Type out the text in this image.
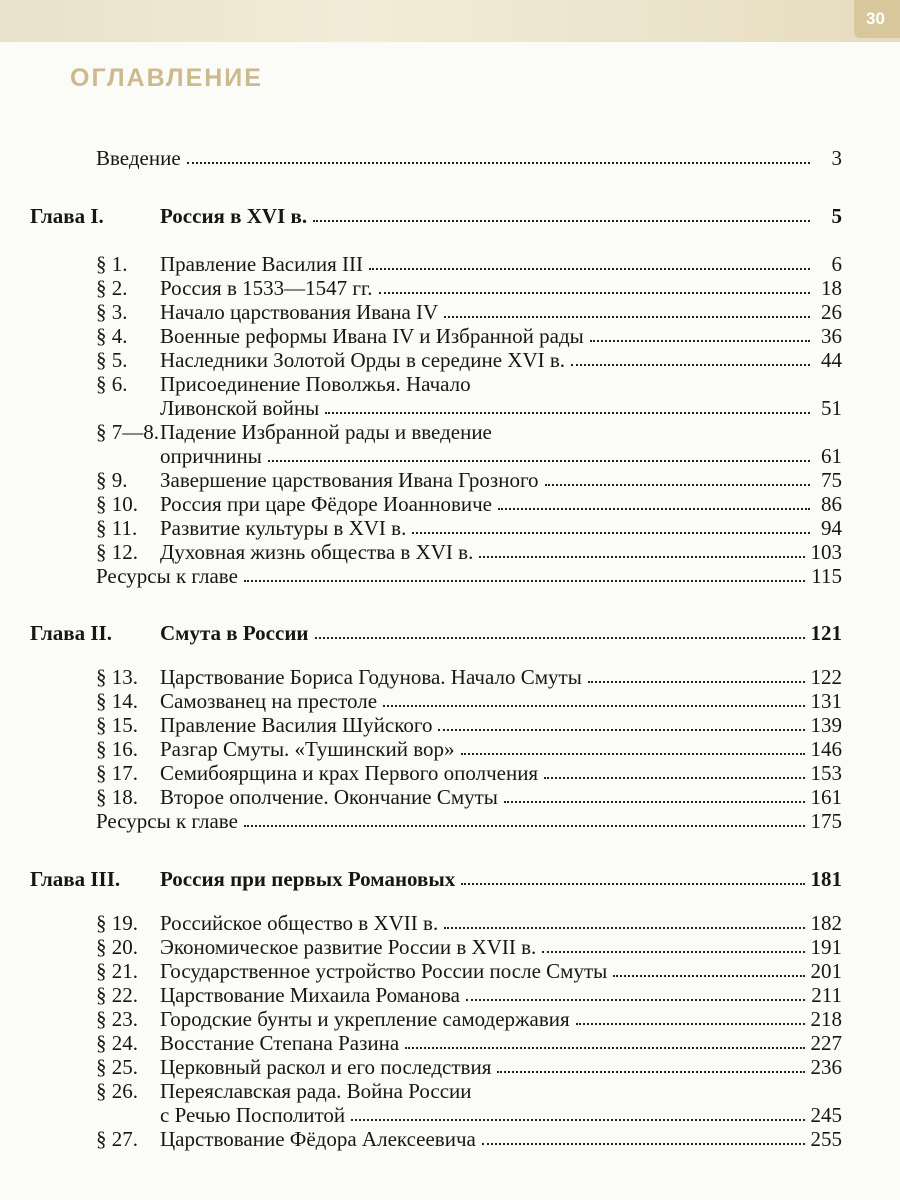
30
ОГЛАВЛЕНИЕ
Введение	3
Глава I.	Россия в XVI в.	5
§ 1.	Правление Василия III	6
§ 2.	Россия в 1533—1547 гг.	18
§ 3.	Начало царствования Ивана IV	26
§ 4.	Военные реформы Ивана IV и Избранной рады	36
§ 5.	Наследники Золотой Орды в середине XVI в.	44
§ 6.	Присоединение Поволжья. Начало
Ливонской войны	51
§ 7—8. Падение Избранной рады и введение
опричнины	61
§ 9.	Завершение царствования Ивана Грозного	75
§ 10.	Россия при царе Фёдоре Иоанновиче	86
§ 11.	Развитие культуры в XVI в.	94
§ 12.	Духовная жизнь общества в XVI в.	103
Ресурсы к главе	115
Глава II.	Смута в России	121
§ 13.	Царствование Бориса Годунова. Начало Смуты	122
§ 14.	Самозванец на престоле	131
§ 15.	Правление Василия Шуйского	139
§ 16.	Разгар Смуты. «Тушинский вор»	146
§ 17.	Семибоярщина и крах Первого ополчения	153
§ 18.	Второе ополчение. Окончание Смуты	161
Ресурсы к главе	175
Глава III.	Россия при первых Романовых	181
§ 19.	Российское общество в XVII в.	182
§ 20.	Экономическое развитие России в XVII в.	191
§ 21.	Государственное устройство России после Смуты	201
§ 22.	Царствование Михаила Романова	211
§ 23.	Городские бунты и укрепление самодержавия	218
§ 24.	Восстание Степана Разина	227
§ 25.	Церковный раскол и его последствия	236
§ 26.	Переяславская рада. Война России
с Речью Посполитой	245
§ 27.	Царствование Фёдора Алексеевича	255
